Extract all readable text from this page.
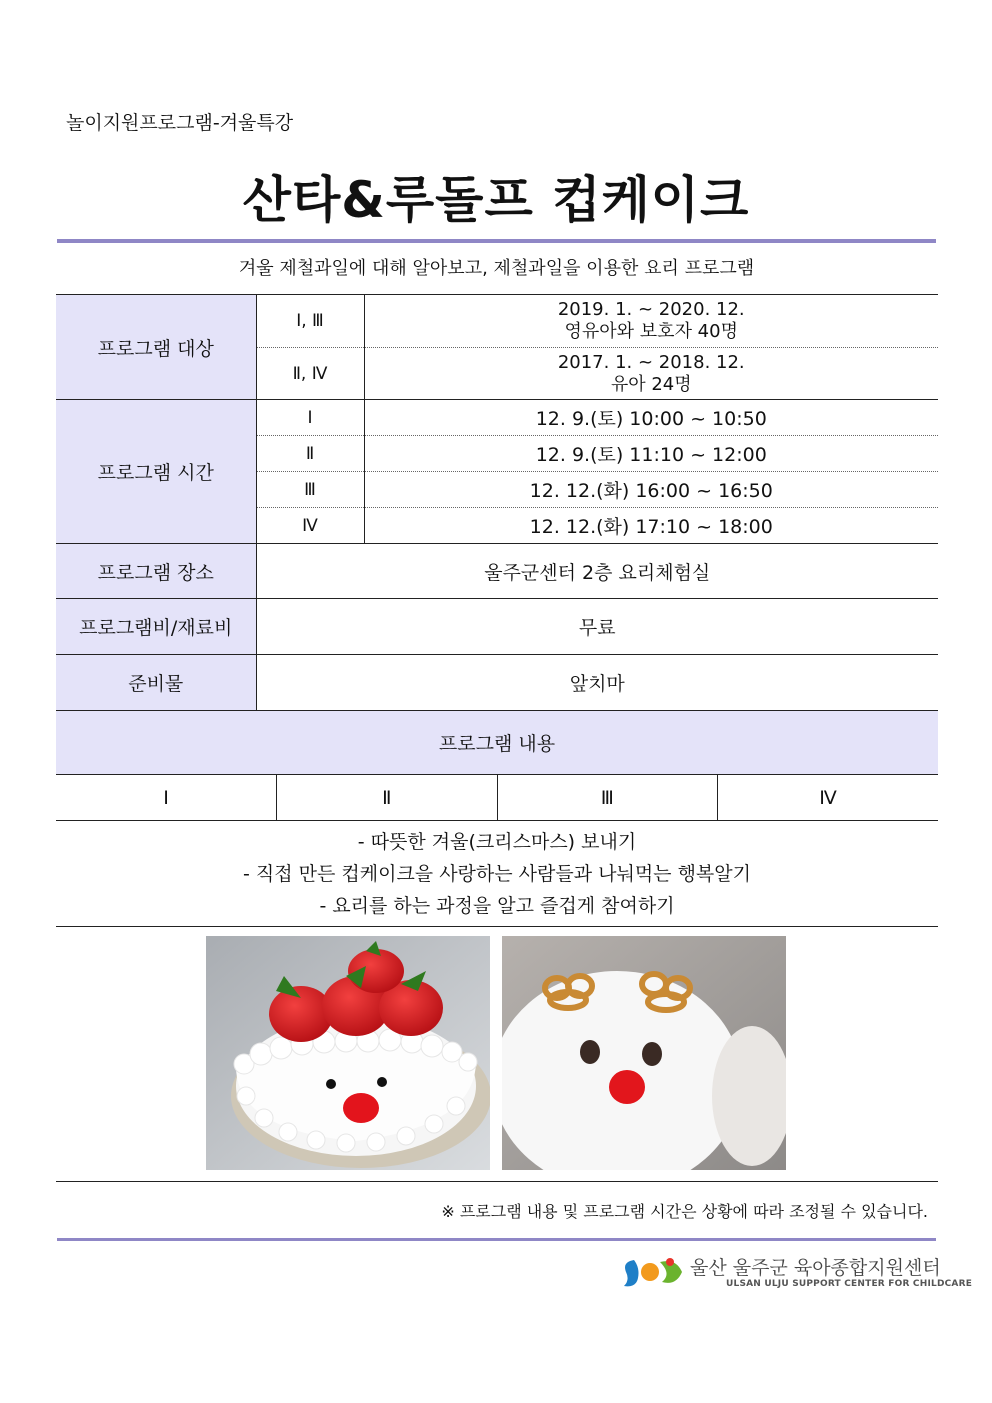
놀이지원프로그램-겨울특강
산타&루돌프 컵케이크
겨울 제철과일에 대해 알아보고, 제철과일을 이용한 요리 프로그램
프로그램 대상	Ⅰ, Ⅲ	2019. 1. ~ 2020. 12.
영유아와 보호자 40명

	Ⅱ, Ⅳ	2017. 1. ~ 2018. 12.
유아 24명

프로그램 시간	Ⅰ	12. 9.(토) 10:00 ~ 10:50
	Ⅱ	12. 9.(토) 11:10 ~ 12:00
	Ⅲ	12. 12.(화) 16:00 ~ 16:50
	Ⅳ	12. 12.(화) 17:10 ~ 18:00
프로그램 장소	울주군센터 2층 요리체험실	
프로그램비/재료비	무료	
준비물	앞치마	
프로그램 내용
Ⅰ	Ⅱ	Ⅲ	Ⅳ
- 따뜻한 겨울(크리스마스) 보내기
- 직접 만든 컵케이크을 사랑하는 사람들과 나눠먹는 행복알기
- 요리를 하는 과정을 알고 즐겁게 참여하기
※ 프로그램 내용 및 프로그램 시간은 상황에 따라 조정될 수 있습니다.
울산 울주군 육아종합지원센터
ULSAN ULJU SUPPORT CENTER FOR CHILDCARE
